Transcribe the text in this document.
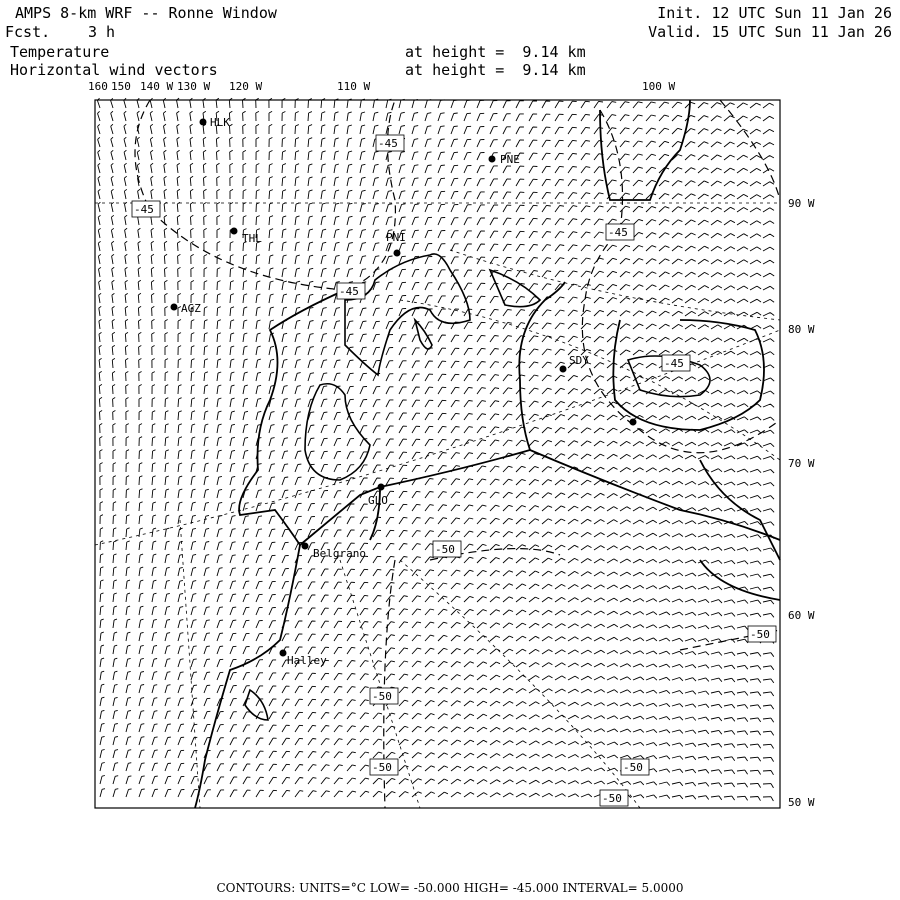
HLK
PNE
THL	PNI
AGZ
SDY
GLO
Belgrano
Halley
-45
-45
-45
-45
-45
-50
-50
-50
-50	-50
-50
AMPS 8-km WRF -- Ronne Window
Fcst.	3 h
Init. 12 UTC Sun 11 Jan 26
Valid. 15 UTC Sun 11 Jan 26
Temperature
Horizontal wind vectors
at height =  9.14 km
at height =  9.14 km
160 150 140 W 130 W 120 W	110 W	100 W
90 W
80 W
70 W
60 W
50 W
CONTOURS: UNITS=°C LOW= -50.000 HIGH= -45.000 INTERVAL= 5.0000
